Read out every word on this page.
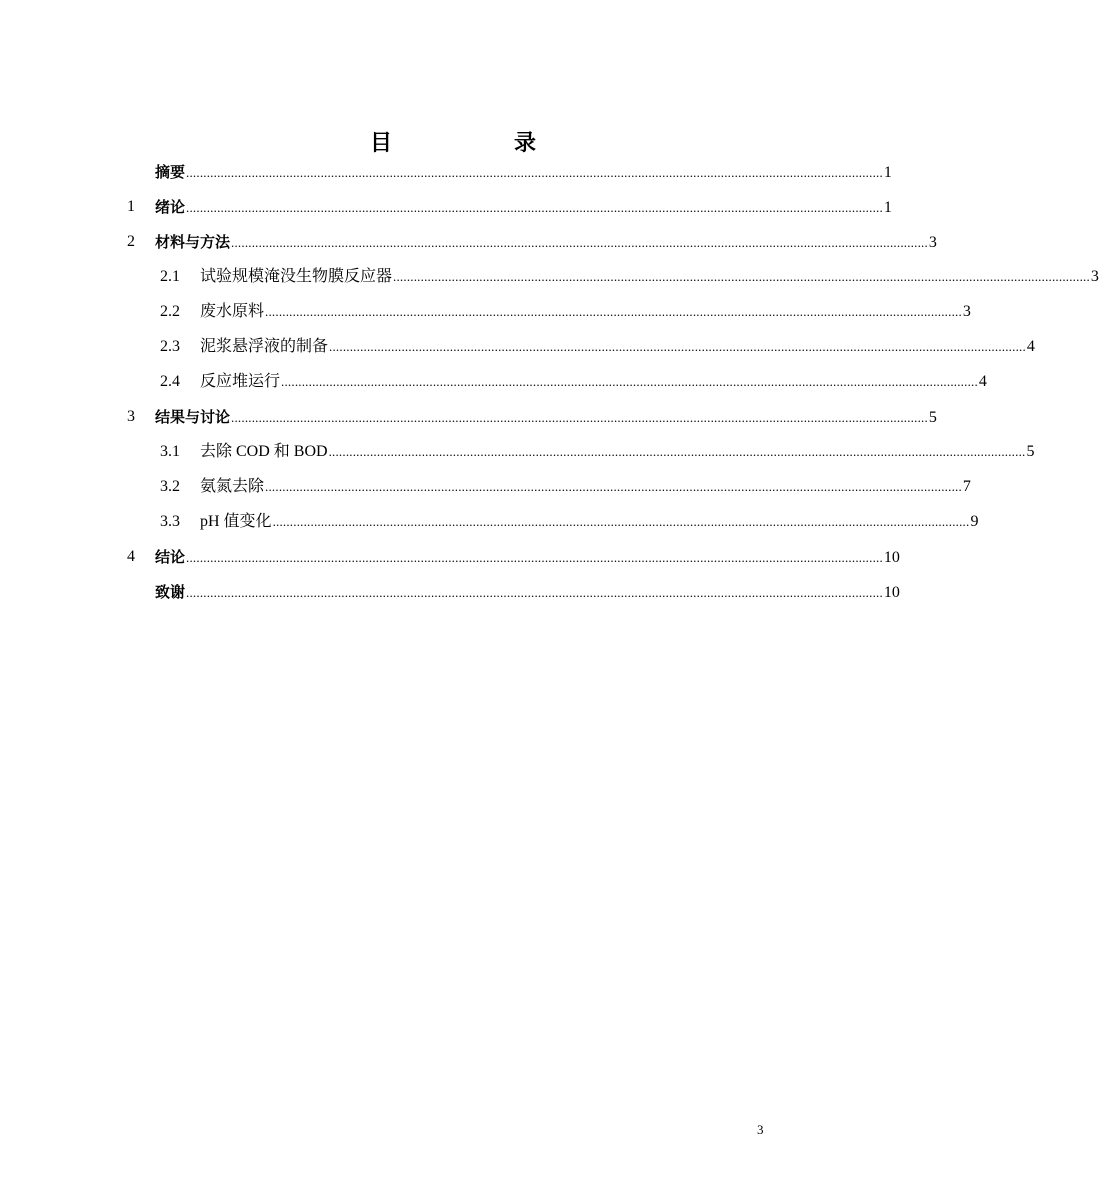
目　　录
摘要 .......................................................................................................................................................................................................... 1
1 绪论 .......................................................................................................................................................................................................... 1
2 材料与方法 .......................................................................................................................................................................................................... 3
2.1 试验规模淹没生物膜反应器 .......................................................................................................................................................................................................... 3
2.2 废水原料 .......................................................................................................................................................................................................... 3
2.3 泥浆悬浮液的制备 .......................................................................................................................................................................................................... 4
2.4 反应堆运行 .......................................................................................................................................................................................................... 4
3 结果与讨论 .......................................................................................................................................................................................................... 5
3.1 去除 COD 和 BOD .......................................................................................................................................................................................................... 5
3.2 氨氮去除 .......................................................................................................................................................................................................... 7
3.3 pH 值变化 .......................................................................................................................................................................................................... 9
4 结论 .......................................................................................................................................................................................................... 10
致谢 .......................................................................................................................................................................................................... 10
3
